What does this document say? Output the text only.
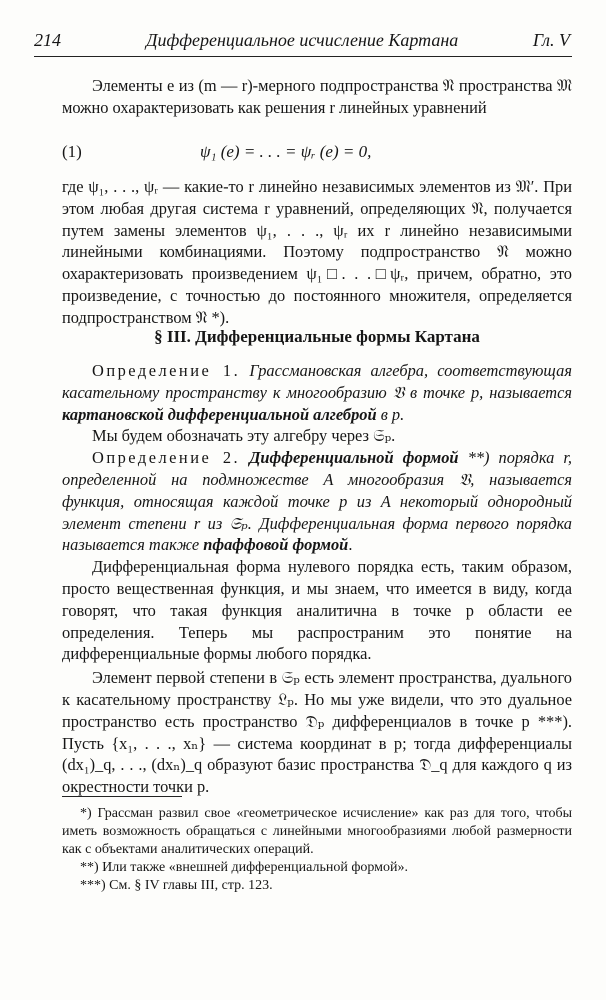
214	Дифференциальное исчисление Картана	Гл. V

Элементы e из (m — r)-мерного подпространства 𝔑 пространства 𝔐 можно охарактеризовать как решения r линейных уравнений

(1)	ψ₁ (e) = . . . = ψᵣ (e) = 0,

где ψ₁, . . ., ψᵣ — какие-то r линейно независимых элементов из 𝔐′. При этом любая другая система r уравнений, определяющих 𝔑, получается путем замены элементов ψ₁, . . ., ψᵣ их r линейно независимыми линейными комбинациями. Поэтому подпространство 𝔑 можно охарактеризовать произведением ψ₁□. . .□ψᵣ, причем, обратно, это произведение, с точностью до постоянного множителя, определяется подпространством 𝔑 *).

§ III. Дифференциальные формы Картана

Определение 1. Грассмановская алгебра, соответствующая касательному пространству к многообразию 𝔙 в точке p, называется картановской дифференциальной алгеброй в p.

Мы будем обозначать эту алгебру через 𝔖ₚ.

Определение 2. Дифференциальной формой **) порядка r, определенной на подмножестве A многообразия 𝔙, называется функция, относящая каждой точке p из A некоторый однородный элемент степени r из 𝔖ₚ. Дифференциальная форма первого порядка называется также пфаффовой формой.

Дифференциальная форма нулевого порядка есть, таким образом, просто вещественная функция, и мы знаем, что имеется в виду, когда говорят, что такая функция аналитична в точке p области ее определения. Теперь мы распространим это понятие на дифференциальные формы любого порядка.

Элемент первой степени в 𝔖ₚ есть элемент пространства, дуального к касательному пространству 𝔏ₚ. Но мы уже видели, что это дуальное пространство есть пространство 𝔇ₚ дифференциалов в точке p ***). Пусть {x₁, . . ., xₙ} — система координат в p; тогда дифференциалы (dx₁)_q, . . ., (dxₙ)_q образуют базис пространства 𝔇_q для каждого q из окрестности точки p.

*) Грассман развил свое «геометрическое исчисление» как раз для того, чтобы иметь возможность обращаться с линейными многообразиями любой размерности как с объектами аналитических операций.

**) Или также «внешней дифференциальной формой».

***) См. § IV главы III, стр. 123.
